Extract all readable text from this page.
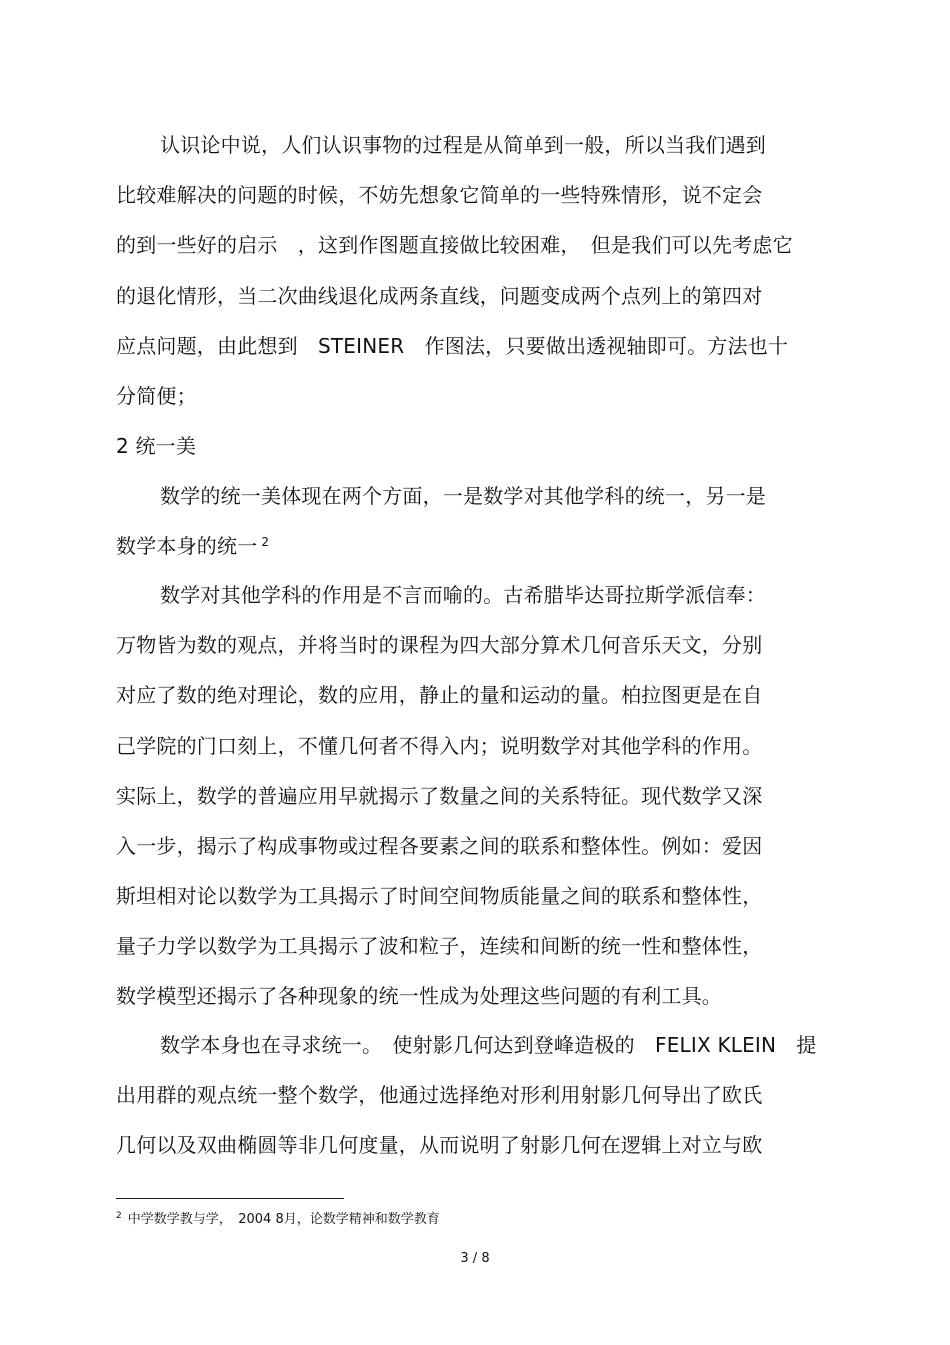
认识论中说，人们认识事物的过程是从简单到一般，所以当我们遇到
比较难解决的问题的时候，不妨先想象它简单的一些特殊情形，说不定会
的到一些好的启示　，这到作图题直接做比较困难，　但是我们可以先考虑它
的退化情形，当二次曲线退化成两条直线，问题变成两个点列上的第四对
应点问题，由此想到　STEINER　作图法，只要做出透视轴即可。方法也十
分简便；
2 统一美
数学的统一美体现在两个方面，一是数学对其他学科的统一，另一是
数学本身的统一 $^2$
数学对其他学科的作用是不言而喻的。古希腊毕达哥拉斯学派信奉：
万物皆为数的观点，并将当时的课程为四大部分算术几何音乐天文，分别
对应了数的绝对理论，数的应用，静止的量和运动的量。柏拉图更是在自
己学院的门口刻上，不懂几何者不得入内；说明数学对其他学科的作用。
实际上，数学的普遍应用早就揭示了数量之间的关系特征。现代数学又深
入一步，揭示了构成事物或过程各要素之间的联系和整体性。例如：爱因
斯坦相对论以数学为工具揭示了时间空间物质能量之间的联系和整体性，
量子力学以数学为工具揭示了波和粒子，连续和间断的统一性和整体性，
数学模型还揭示了各种现象的统一性成为处理这些问题的有利工具。
数学本身也在寻求统一。　使射影几何达到登峰造极的　FELIX KLEIN　提
出用群的观点统一整个数学，他通过选择绝对形利用射影几何导出了欧氏
几何以及双曲椭圆等非几何度量，从而说明了射影几何在逻辑上对立与欧
$^2$ 中学数学教与学，　2004 8月，论数学精神和数学教育
3 / 8
